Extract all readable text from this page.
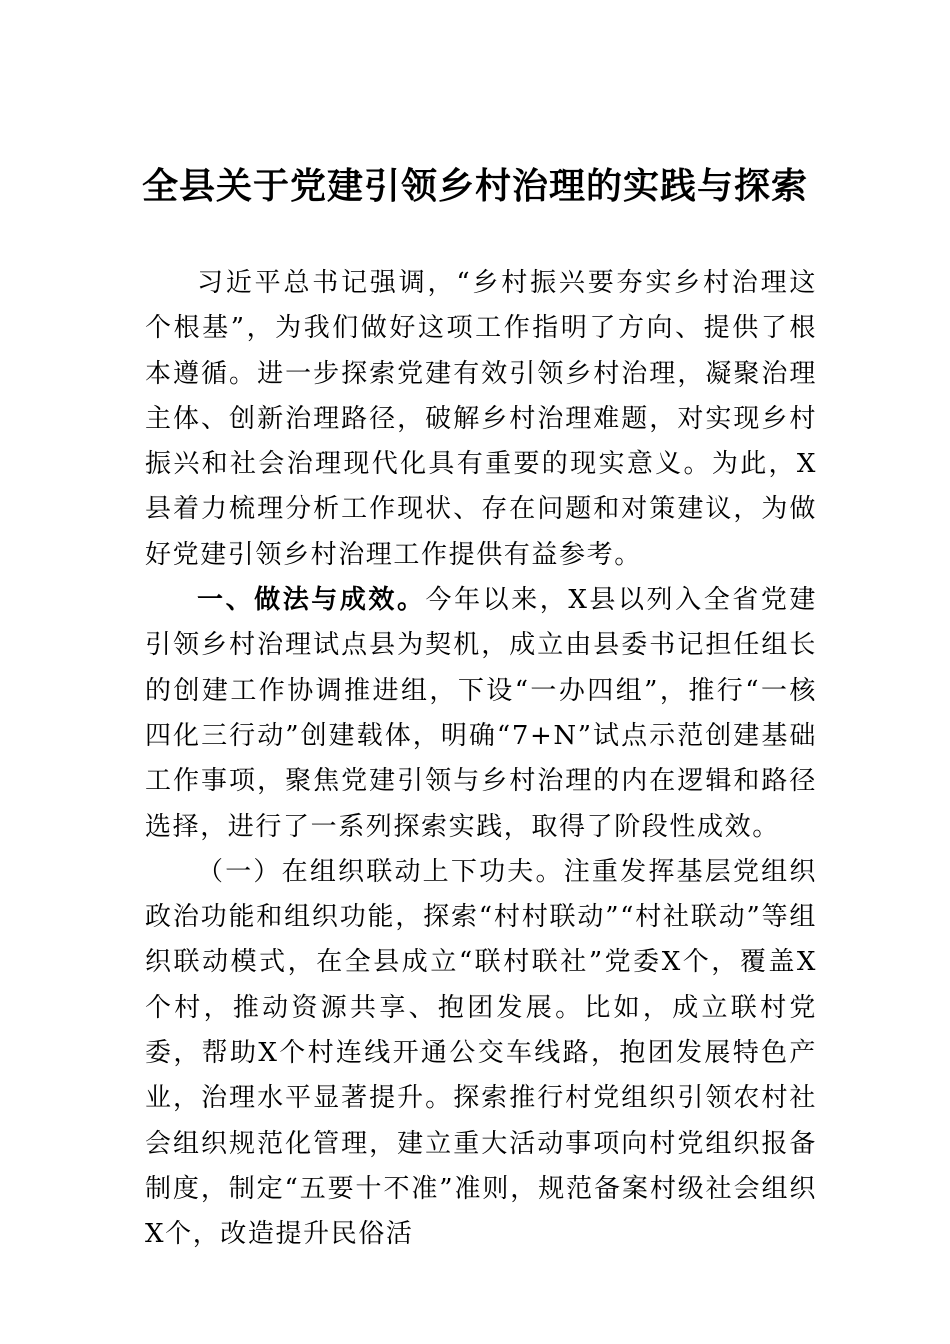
全县关于党建引领乡村治理的实践与探索

习近平总书记强调，“乡村振兴要夯实乡村治理这个根基”，为我们做好这项工作指明了方向、提供了根本遵循。进一步探索党建有效引领乡村治理，凝聚治理主体、创新治理路径，破解乡村治理难题，对实现乡村振兴和社会治理现代化具有重要的现实意义。为此，X县着力梳理分析工作现状、存在问题和对策建议，为做好党建引领乡村治理工作提供有益参考。

一、做法与成效。今年以来，X县以列入全省党建引领乡村治理试点县为契机，成立由县委书记担任组长的创建工作协调推进组，下设“一办四组”，推行“一核四化三行动”创建载体，明确“7+N”试点示范创建基础工作事项，聚焦党建引领与乡村治理的内在逻辑和路径选择，进行了一系列探索实践，取得了阶段性成效。

（一）在组织联动上下功夫。注重发挥基层党组织政治功能和组织功能，探索“村村联动”“村社联动”等组织联动模式，在全县成立“联村联社”党委X个，覆盖X个村，推动资源共享、抱团发展。比如，成立联村党委，帮助X个村连线开通公交车线路，抱团发展特色产业，治理水平显著提升。探索推行村党组织引领农村社会组织规范化管理，建立重大活动事项向村党组织报备制度，制定“五要十不准”准则，规范备案村级社会组织X个，改造提升民俗活
